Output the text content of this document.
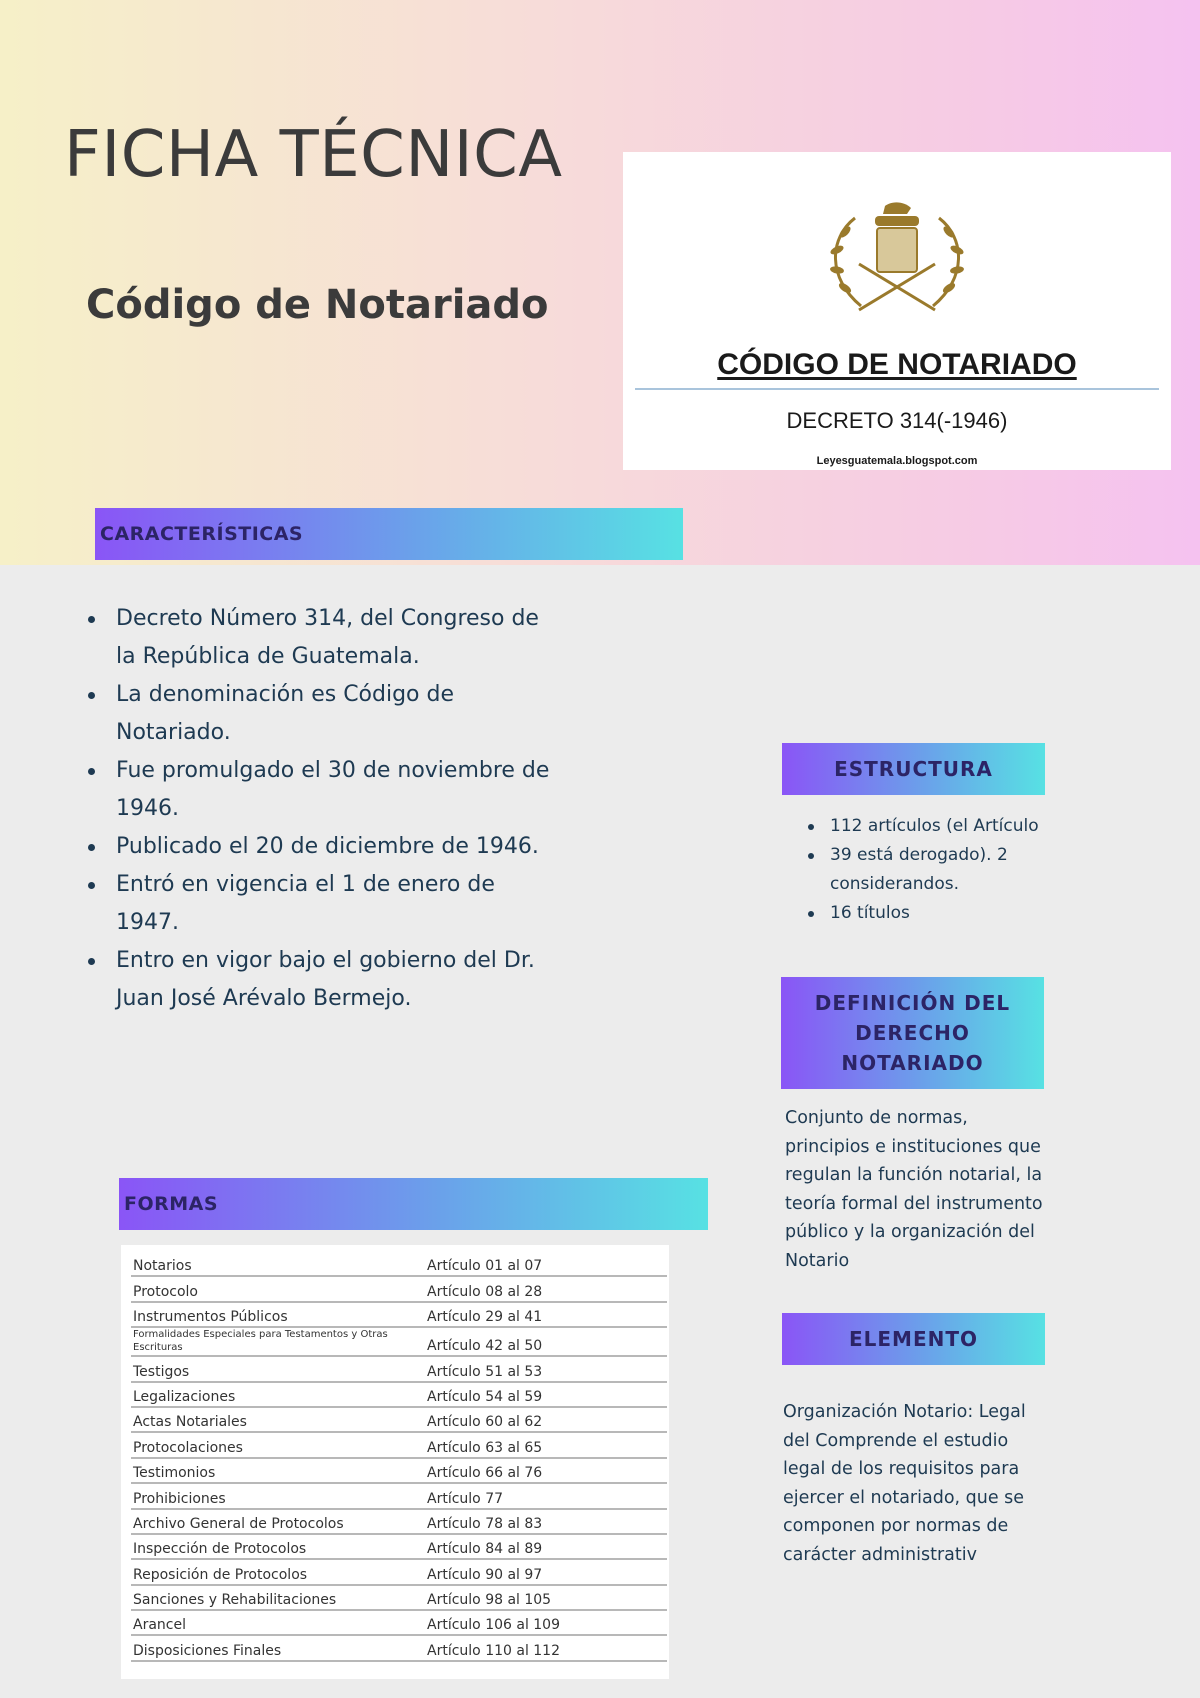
FICHA TÉCNICA
Código de Notariado
CÓDIGO DE NOTARIADO
DECRETO 314(-1946)
Leyesguatemala.blogspot.com
CARACTERÍSTICAS
Decreto Número 314, del Congreso de la República de Guatemala.
La denominación es Código de Notariado.
Fue promulgado el 30 de noviembre de 1946.
Publicado el 20 de diciembre de 1946.
Entró en vigencia el 1 de enero de 1947.
Entro en vigor bajo el gobierno del Dr. Juan José Arévalo Bermejo.
ESTRUCTURA
112 artículos (el Artículo
39 está derogado). 2 considerandos.
16 títulos
DEFINICIÓN DEL DERECHO NOTARIADO

Conjunto de normas, principios e instituciones que regulan la función notarial, la teoría formal del instrumento público y la organización del Notario

ELEMENTO

Organización Notario: Legal del Comprende el estudio legal de los requisitos para ejercer el notariado, que se componen por normas de carácter administrativ

FORMAS
Notarios	Artículo 01 al 07
Protocolo	Artículo 08 al 28
Instrumentos Públicos	Artículo 29 al 41
Formalidades Especiales para Testamentos y Otras Escrituras	Artículo 42 al 50
Testigos	Artículo 51 al 53
Legalizaciones	Artículo 54 al 59
Actas Notariales	Artículo 60 al 62
Protocolaciones	Artículo 63 al 65
Testimonios	Artículo 66 al 76
Prohibiciones	Artículo 77
Archivo General de Protocolos	Artículo 78 al 83
Inspección de Protocolos	Artículo 84 al 89
Reposición de Protocolos	Artículo 90 al 97
Sanciones y Rehabilitaciones	Artículo 98 al 105
Arancel	Artículo 106 al 109
Disposiciones Finales	Artículo 110 al 112
